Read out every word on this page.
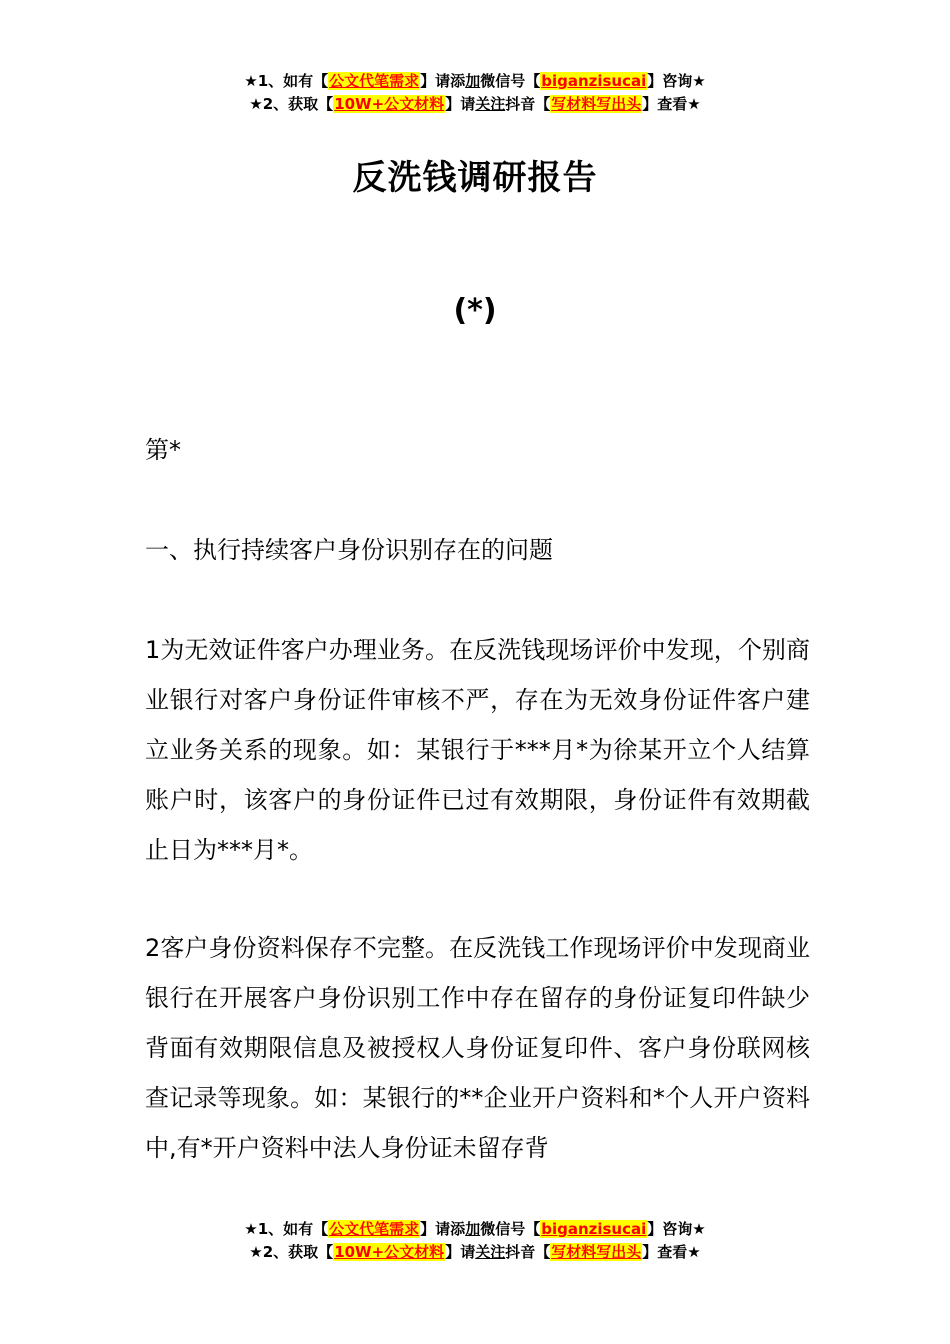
★1、如有【公文代笔需求】请添加微信号【biganzisucai】咨询★
★2、获取【10W+公文材料】请关注抖音【写材料写出头】查看★
反洗钱调研报告
(*)
第*
一、执行持续客户身份识别存在的问题
1为无效证件客户办理业务。在反洗钱现场评价中发现，个别商业银行对客户身份证件审核不严，存在为无效身份证件客户建立业务关系的现象。如：某银行于***月*为徐某开立个人结算账户时，该客户的身份证件已过有效期限，身份证件有效期截止日为***月*。
2客户身份资料保存不完整。在反洗钱工作现场评价中发现商业银行在开展客户身份识别工作中存在留存的身份证复印件缺少背面有效期限信息及被授权人身份证复印件、客户身份联网核查记录等现象。如：某银行的**企业开户资料和*个人开户资料中,有*开户资料中法人身份证未留存背
★1、如有【公文代笔需求】请添加微信号【biganzisucai】咨询★
★2、获取【10W+公文材料】请关注抖音【写材料写出头】查看★
